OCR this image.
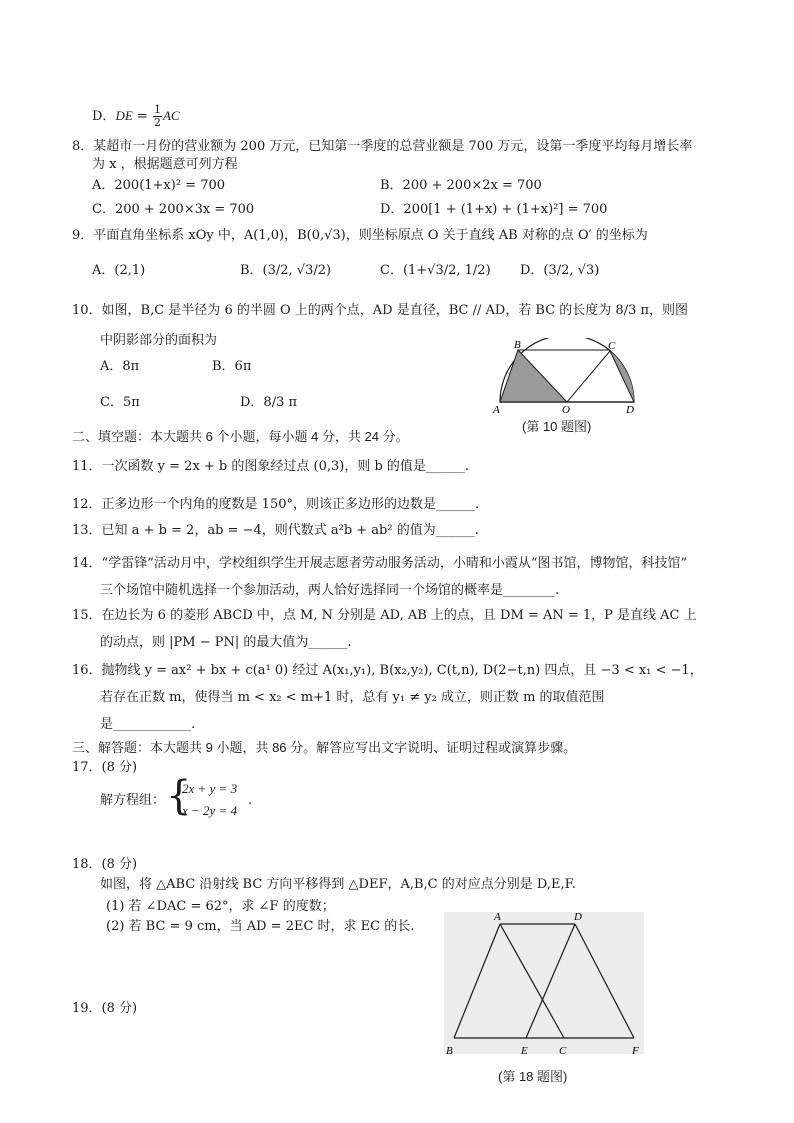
D．DE = $\frac{1}{2}$ AC
8．某超市一月份的营业额为 200 万元，已知第一季度的总营业额是 700 万元，设第一季度平均每月增长率
为 x ，根据题意可列方程
A．200(1+x)² = 700	B．200 + 200×2x = 700
C．200 + 200×3x = 700	D．200[1 + (1+x) + (1+x)²] = 700
9．平面直角坐标系 xOy 中，A(1,0)，B(0,√3)，则坐标原点 O 关于直线 AB 对称的点 O′ 的坐标为
A．(2,1)	B．(3/2, √3/2)	C．(1+√3/2, 1/2) D．(3/2, √3)
10．如图，B,C 是半径为 6 的半圆 O 上的两个点，AD 是直径，BC // AD，若 BC 的长度为 8/3 π，则图
中阴影部分的面积为
A．8π	B．6π
C．5π	D．8/3 π
B	C
A	O	D
(第 10 题图)
二、填空题：本大题共 6 个小题，每小题 4 分，共 24 分。
11．一次函数 y = 2x + b 的图象经过点 (0,3)，则 b 的值是______.
12．正多边形一个内角的度数是 150°，则该正多边形的边数是______.
13．已知 a + b = 2，ab = −4，则代数式 a²b + ab² 的值为______.
14．“学雷锋”活动月中，学校组织学生开展志愿者劳动服务活动，小晴和小霞从“图书馆，博物馆，科技馆”
三个场馆中随机选择一个参加活动，两人恰好选择同一个场馆的概率是________.
15．在边长为 6 的菱形 ABCD 中，点 M, N 分别是 AD, AB 上的点，且 DM = AN = 1，P 是直线 AC 上
的动点，则 |PM − PN| 的最大值为______.
16．抛物线 y = ax² + bx + c(a¹ 0) 经过 A(x₁,y₁), B(x₂,y₂), C(t,n), D(2−t,n) 四点，且 −3 < x₁ < −1，
若存在正数 m，使得当 m < x₂ < m+1 时，总有 y₁ ≠ y₂ 成立，则正数 m 的取值范围
是____________.
三、解答题：本大题共 9 小题，共 86 分。解答应写出文字说明、证明过程或演算步骤。
17．(8 分)
解方程组： {
2x + y = 3
x − 2y = 4
.
18．(8 分)
如图，将 △ABC 沿射线 BC 方向平移得到 △DEF，A,B,C 的对应点分别是 D,E,F.
(1) 若 ∠DAC = 62°，求 ∠F 的度数；
(2) 若 BC = 9 cm，当 AD = 2EC 时，求 EC 的长.
A	D
B	E	C	F
(第 18 题图)
19．(8 分)
